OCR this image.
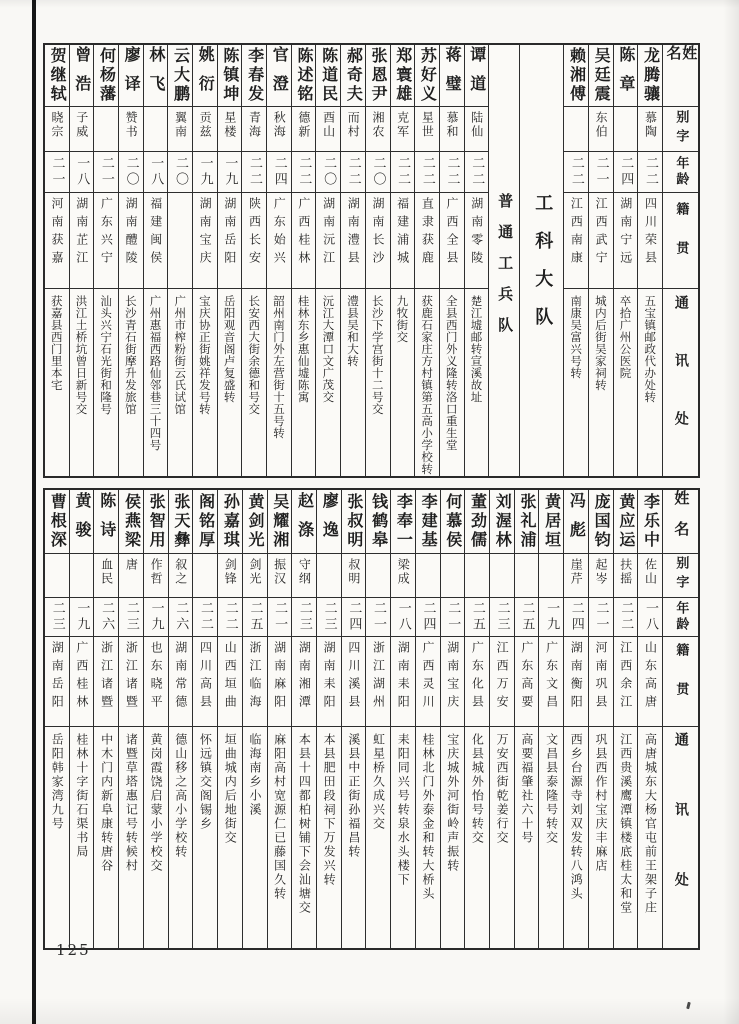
姓名
别字
年龄
籍贯
通讯处
龙腾骧
慕陶
二二
四川荣县
五宝镇邮政代办处转
陈章
二四
湖南宁远
卒拾广州公医院
吴廷震
东伯
二一
江西武宁
城内后街吴家祠转
赖湘傅
二二
江西南康
南康吴富兴号转
工科大队
普通工兵队
谭道
陆仙
二二
湖南零陵
楚江墟邮转宣溪故址
蒋璧
慕和
二二
广西全县
全县西门外义隆转洛口重生堂
苏好义
星世
二二
直隶获鹿
获鹿石家庄方村镇第五高小学校转
郑寰雄
克军
二二
福建浦城
九牧街交
张恩尹
湘农
二〇
湖南长沙
长沙下学宫街十二号交
郝奇夫
而村
二二
湖南澧县
澧县吴和大转
陈道民
酉山
二〇
湖南沅江
沅江大潭口文广茂交
陈述铭
德新
二二
广西桂林
桂林东乡惠仙墟陈寓
官澄
秋海
二四
广东始兴
韶州南门外左营街十五号转
李春发
青海
二二
陕西长安
长安西大街余德和号交
陈镇坤
星楼
一九
湖南岳阳
岳阳观音阁卢复盛转
姚衍
贡兹
一九
湖南宝庆
宝庆协正街姚祥发号转
云大鹏
翼南
二〇
广州市榨粉街云氏试馆
林飞
一八
福建闽侯
广州惠福西路仙邻巷三十四号
廖译
赞书
二〇
湖南醴陵
长沙青石街摩升发旅馆
何杨藩
二一
广东兴宁
汕头兴宁石光街和隆号
曾浩
子威
一八
湖南芷江
洪江土桥坑曾日新号交
贺继轼
晓宗
二一
河南获嘉
获嘉县西门里本宅
姓名
别字
年龄
籍贯
通讯处
李乐中
佐山
一八
山东高唐
高唐城东大杨官屯前王架子庄
黄应运
扶摇
二二
江西余江
江西贵溪鹰潭镇楼底桂太和堂
庞国钧
起岑
二一
河南巩县
巩县西作村宝庆丰麻店
冯彪
崖芹
二四
湖南衡阳
西乡台源寺刘双发转八鸿头
黄居垣
一九
广东文昌
文昌县泰隆号转交
张礼浦
二五
广东高要
高要福肇社六十号
刘渥林
二三
江西万安
万安西街乾姜行交
董劲儒
二五
广东化县
化县城外怡号转交
何慕侯
二一
湖南宝庆
宝庆城外河街岭声振转
李建基
二四
广西灵川
桂林北门外泰金和转大桥头
李奉一
梁成
一八
湖南耒阳
耒阳同兴号转泉水头楼下
钱鹤皋
二一
浙江湖州
虹星桥久成兴交
张叔明
叔明
二四
四川溪县
溪县中正街孙福昌转
廖逸
二三
湖南耒阳
本县肥田段祠下万发兴转
赵涤
守纲
二三
湖南湘潭
本县十四都柏树铺下会汕塘交
吴耀湘
振汉
二一
湖南麻阳
麻阳高村宽源仁已藤国久转
黄剑光
剑光
二五
浙江临海
临海南乡小溪
孙嘉琪
剑锋
二二
山西垣曲
垣曲城内后地街交
阁铭厚
二二
四川高县
怀远镇交阁锡乡
张天彝
叙之
二六
湖南常德
德山移之高小学校转
张智用
作哲
一九
也东晓平
黄岗霞饶启蒙小学校交
侯燕梁
唐
二三
浙江诸暨
诸暨草塔惠记号转候村
陈诗
血民
二六
浙江诸暨
中木门内新阜康转唐谷
黄骏
一九
广西桂林
桂林十字街石渠书局
曹根深
二三
湖南岳阳
岳阳韩家湾九号
125
